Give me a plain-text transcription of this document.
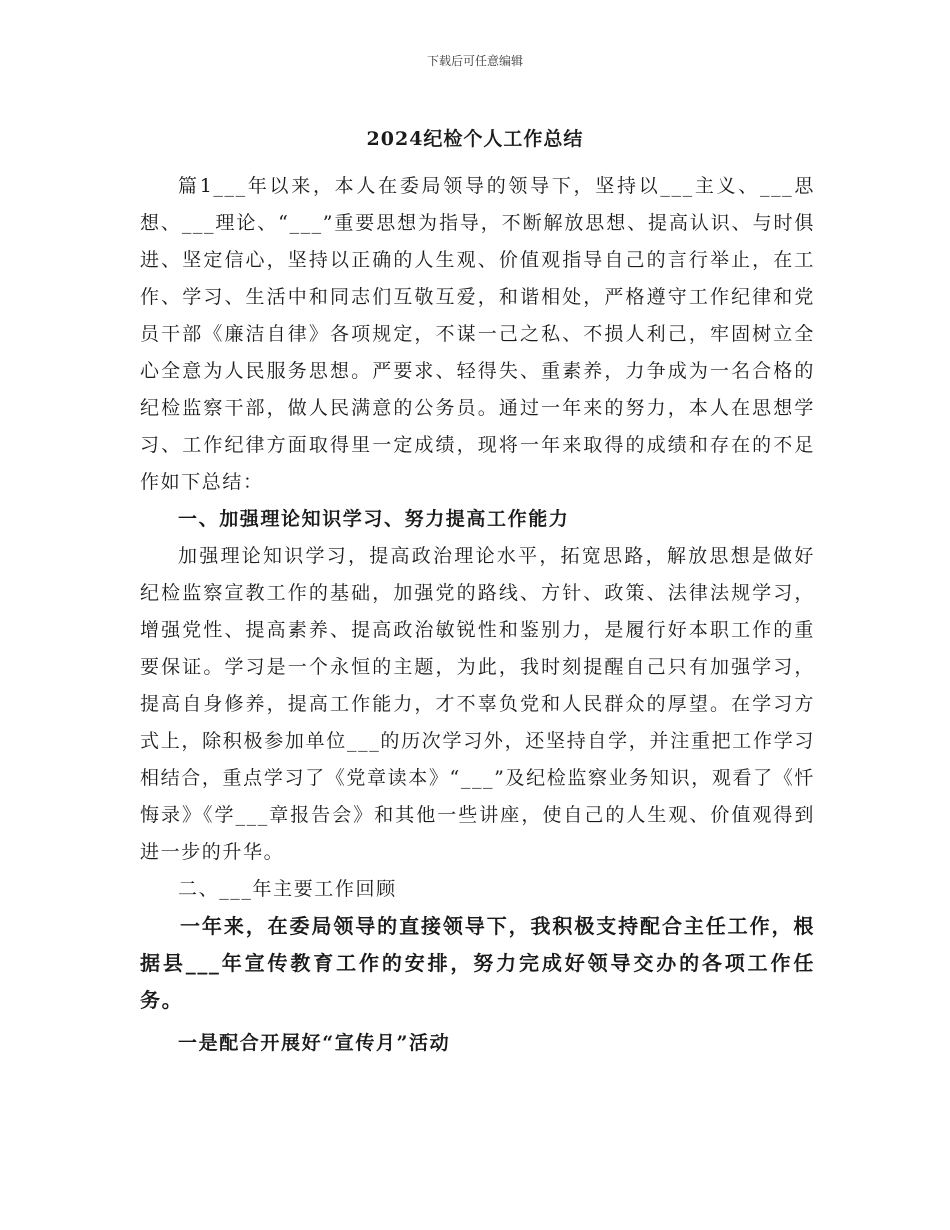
下载后可任意编辑
2024纪检个人工作总结

篇1___年以来，本人在委局领导的领导下，坚持以___主义、___思想、___理论、“___”重要思想为指导，不断解放思想、提高认识、与时俱进、坚定信心，坚持以正确的人生观、价值观指导自己的言行举止，在工作、学习、生活中和同志们互敬互爱，和谐相处，严格遵守工作纪律和党员干部《廉洁自律》各项规定，不谋一己之私、不损人利己，牢固树立全心全意为人民服务思想。严要求、轻得失、重素养，力争成为一名合格的纪检监察干部，做人民满意的公务员。通过一年来的努力，本人在思想学习、工作纪律方面取得里一定成绩，现将一年来取得的成绩和存在的不足作如下总结：

一、加强理论知识学习、努力提高工作能力

加强理论知识学习，提高政治理论水平，拓宽思路，解放思想是做好纪检监察宣教工作的基础，加强党的路线、方针、政策、法律法规学习，增强党性、提高素养、提高政治敏锐性和鉴别力，是履行好本职工作的重要保证。学习是一个永恒的主题，为此，我时刻提醒自己只有加强学习，提高自身修养，提高工作能力，才不辜负党和人民群众的厚望。在学习方式上，除积极参加单位___的历次学习外，还坚持自学，并注重把工作学习相结合，重点学习了《党章读本》“___”及纪检监察业务知识，观看了《忏悔录》《学___章报告会》和其他一些讲座，使自己的人生观、价值观得到进一步的升华。

二、___年主要工作回顾

一年来，在委局领导的直接领导下，我积极支持配合主任工作，根据县___年宣传教育工作的安排，努力完成好领导交办的各项工作任务。

一是配合开展好“宣传月”活动
